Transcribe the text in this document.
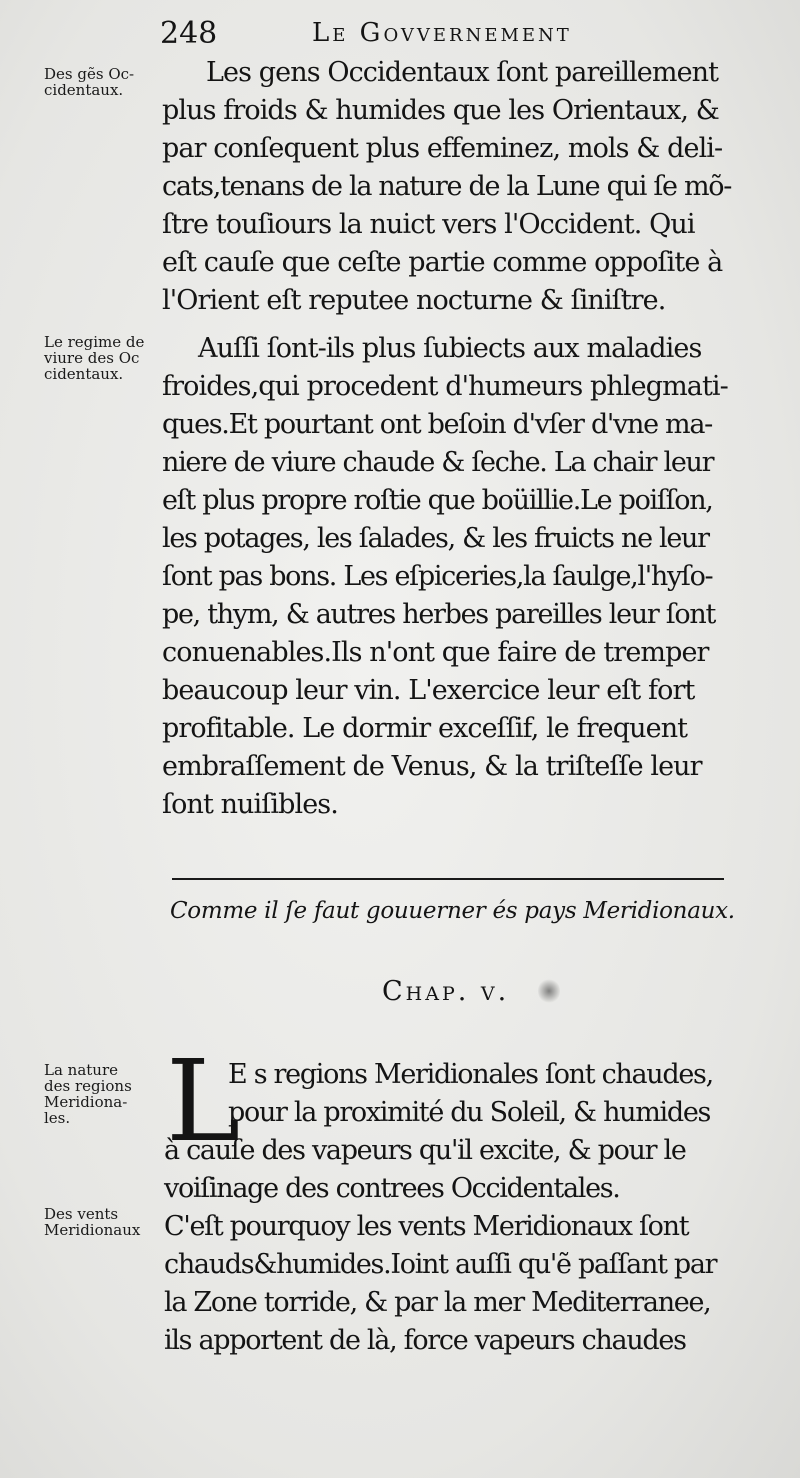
248	Le Govvernement
Des gẽs Oc-
cidentaux.
Le regime de
viure des Oc
cidentaux.
La nature
des regions
Meridiona-
les.
Des vents
Meridionaux
Les gens Occidentaux ſont pareillement
plus froids & humides que les Orientaux, &
par conſequent plus effeminez, mols & deli-
cats,tenans de la nature de la Lune qui ſe mõ-
ſtre touſiours la nuict vers l'Occident. Qui
eſt cauſe que ceſte partie comme oppoſite à
l'Orient eſt reputee nocturne & ſiniſtre.
Auſſi ſont-ils plus ſubiects aux maladies
froides,qui procedent d'humeurs phlegmati-
ques.Et pourtant ont beſoin d'vſer d'vne ma-
niere de viure chaude & ſeche. La chair leur
eſt plus propre roſtie que boüillie.Le poiſſon,
les potages, les ſalades, & les fruicts ne leur
ſont pas bons. Les eſpiceries,la ſaulge,l'hyſo-
pe, thym, & autres herbes pareilles leur ſont
conuenables.Ils n'ont que faire de tremper
beaucoup leur vin. L'exercice leur eſt fort
profitable. Le dormir exceſſif, le frequent
embraſſement de Venus, & la triſteſſe leur
ſont nuiſibles.
Comme il ſe faut gouuerner és pays Meridionaux.
Chap. v.
L
E s regions Meridionales ſont chaudes,
pour la proximité du Soleil, & humides
à cauſe des vapeurs qu'il excite, & pour le
voiſinage des contrees Occidentales.
C'eſt pourquoy les vents Meridionaux ſont
chauds&humides.Ioint auſſi qu'ẽ paſſant par
la Zone torride, & par la mer Mediterranee,
ils apportent de là, force vapeurs chaudes
